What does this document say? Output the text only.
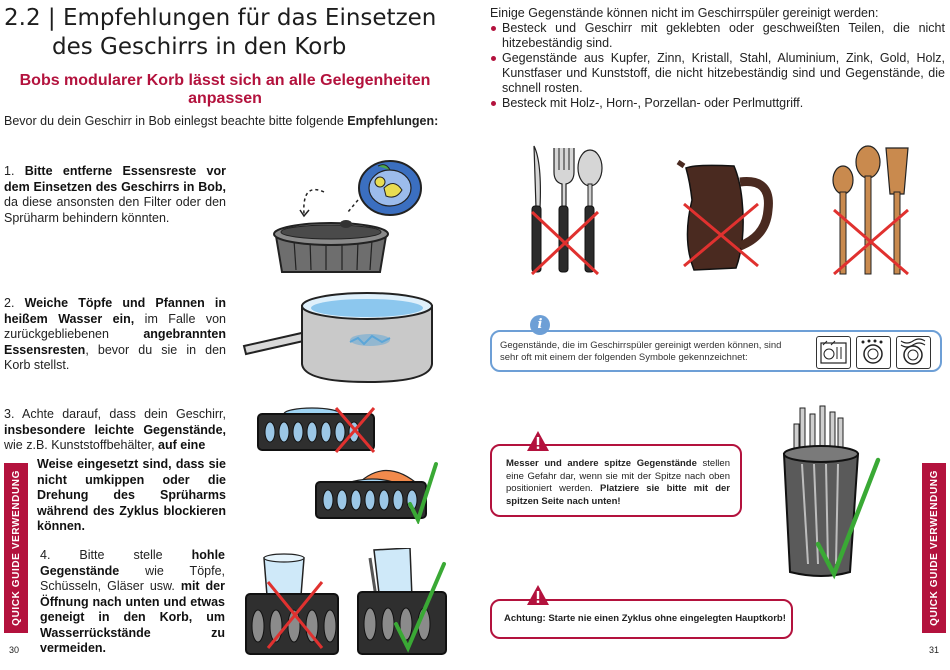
2.2 | Empfehlungen für das Einsetzen
des Geschirrs in den Korb
Bobs modularer Korb lässt sich an alle Gelegenheiten anpassen
Bevor du dein Geschirr in Bob einlegst beachte bitte folgende Empfehlungen:
1. Bitte entferne Essensreste vor dem Einsetzen des Geschirrs in Bob, da diese ansonsten den Filter oder den Sprüharm behindern könnten.
2. Weiche Töpfe und Pfannen in heißem Wasser ein, im Falle von zurückgebliebenen angebrannten Essensresten, bevor du sie in den Korb stellst.
3. Achte darauf, dass dein Geschirr, insbesondere leichte Gegenstände, wie z.B. Kunststoffbehälter, auf eine
Weise eingesetzt sind, dass sie nicht umkippen oder die Drehung des Sprüharms während des Zyklus blockieren können.
4. Bitte stelle hohle Gegenstände wie Töpfe, Schüsseln, Gläser usw. mit der Öffnung nach unten und etwas geneigt in den Korb, um Wasserrückstände zu vermeiden.
QUICK GUIDE VERWENDUNG
30
Einige Gegenstände können nicht im Geschirrspüler gereinigt werden:
Besteck und Geschirr mit geklebten oder geschweißten Teilen, die nicht hitzebeständig sind.
Gegenstände aus Kupfer, Zinn, Kristall, Stahl, Aluminium, Zink, Gold, Holz, Kunstfaser und Kunststoff, die nicht hitzebeständig sind und Gegenstände, die schnell rosten.
Besteck mit Holz-, Horn-, Porzellan- oder Perlmuttgriff.
Gegenstände, die im Geschirrspüler gereinigt werden können, sind sehr oft mit einem der folgenden Symbole gekennzeichnet:
i
Messer und andere spitze Gegenstände stellen eine Gefahr dar, wenn sie mit der Spitze nach oben positioniert werden. Platziere sie bitte mit der spitzen Seite nach unten!
Achtung: Starte nie einen Zyklus ohne eingelegten Hauptkorb!	QUICK GUIDE VERWENDUNG
31
